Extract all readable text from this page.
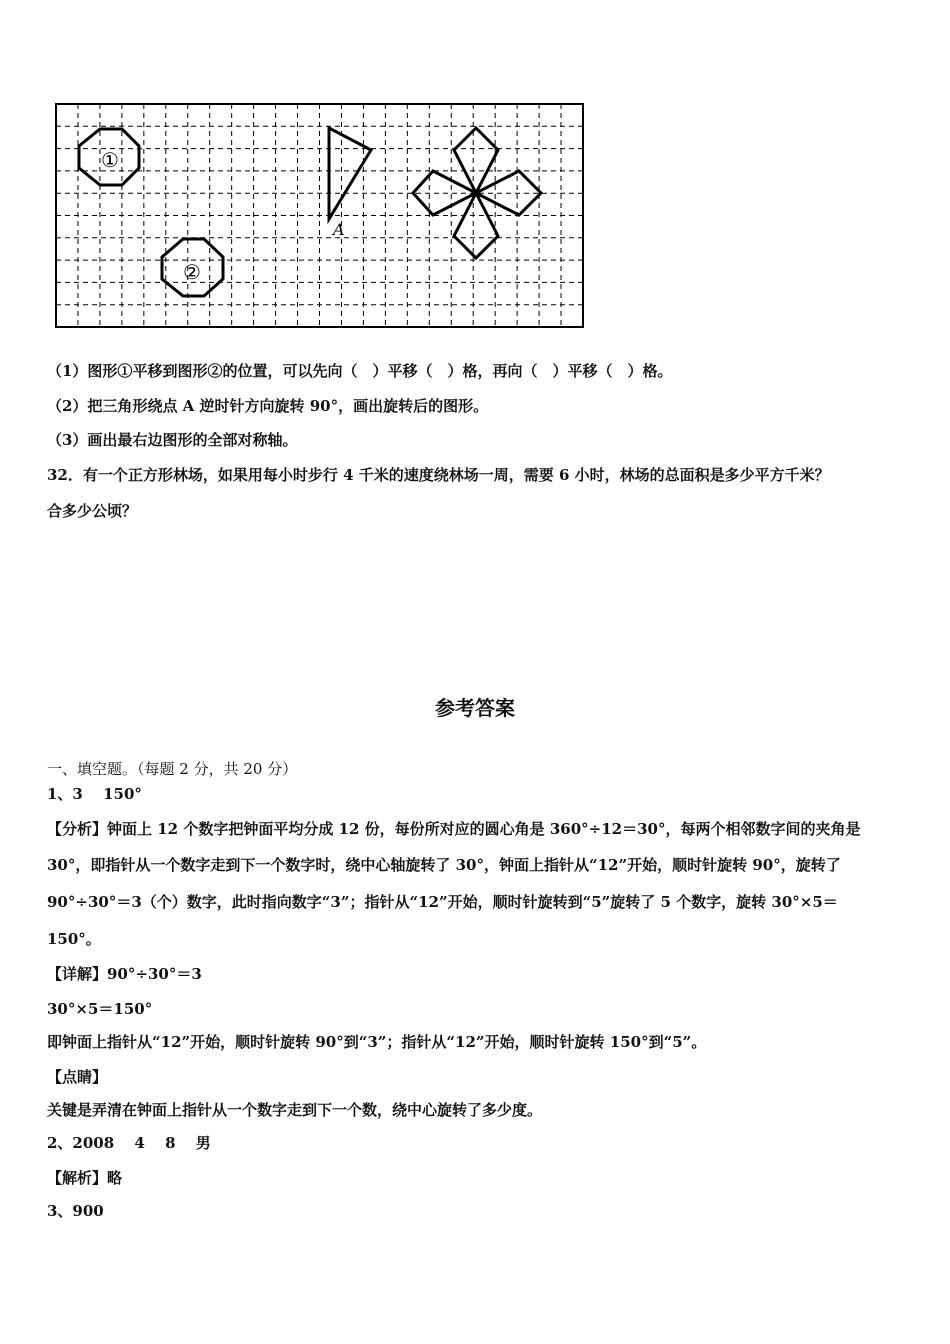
①
②
A
（1）图形①平移到图形②的位置，可以先向（　）平移（　）格，再向（　）平移（　）格。
（2）把三角形绕点 A 逆时针方向旋转 90°，画出旋转后的图形。
（3）画出最右边图形的全部对称轴。
32．有一个正方形林场，如果用每小时步行 4 千米的速度绕林场一周，需要 6 小时，林场的总面积是多少平方千米？
合多少公顷？
参考答案
一、填空题。（每题 2 分，共 20 分）
1、3　 150°
【分析】钟面上 12 个数字把钟面平均分成 12 份，每份所对应的圆心角是 360°÷12＝30°，每两个相邻数字间的夹角是
30°，即指针从一个数字走到下一个数字时，绕中心轴旋转了 30°，钟面上指针从“12”开始，顺时针旋转 90°，旋转了
90°÷30°＝3（个）数字，此时指向数字“3”；指针从“12”开始，顺时针旋转到“5”旋转了 5 个数字，旋转 30°×5＝
150°。
【详解】90°÷30°＝3
30°×5＝150°
即钟面上指针从“12”开始，顺时针旋转 90°到“3”；指针从“12”开始，顺时针旋转 150°到“5”。
【点睛】
关键是弄清在钟面上指针从一个数字走到下一个数，绕中心旋转了多少度。
2、2008　 4　 8　 男
【解析】略
3、900
